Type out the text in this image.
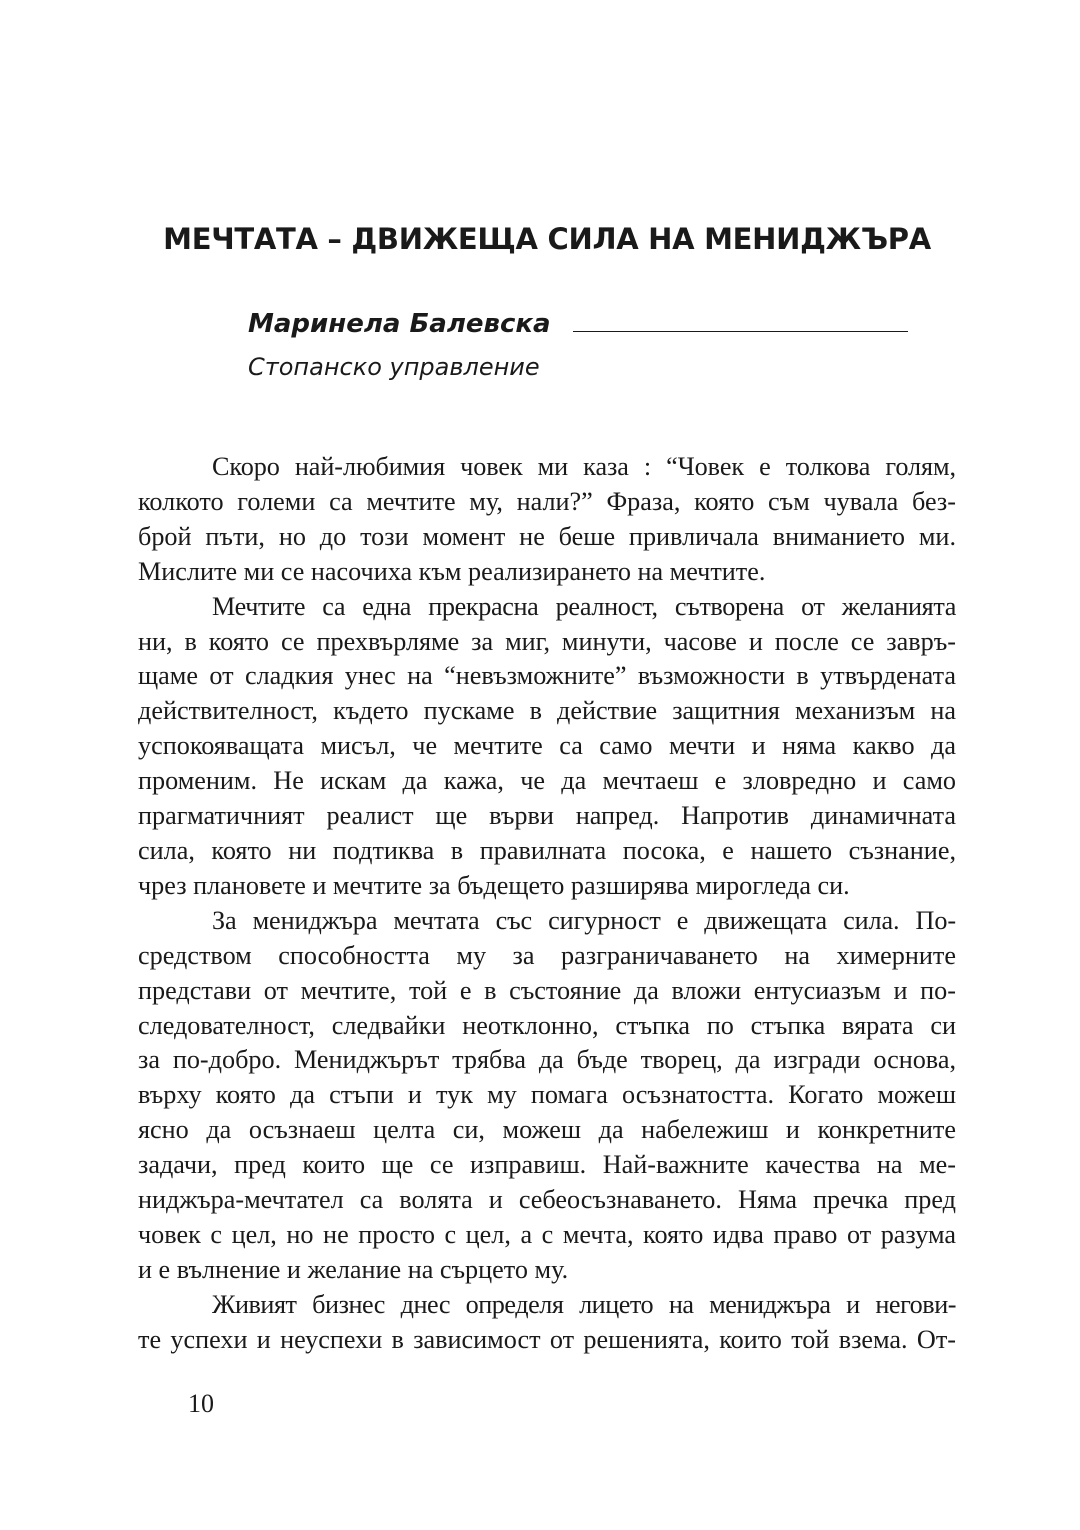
МЕЧТАТА – ДВИЖЕЩА СИЛА НА МЕНИДЖЪРА
Маринела Балевска
Стопанско управление

Скоро най-любимия човек ми каза : “Човек е толкова голям,
колкото големи са мечтите му, нали?” Фраза, която съм чувала без-
брой пъти, но до този момент не беше привличала вниманието ми.
Мислите ми се насочиха към реализирането на мечтите.

Мечтите са една прекрасна реалност, сътворена от желанията
ни, в която се прехвърляме за миг, минути, часове и после се завръ-
щаме от сладкия унес на “невъзможните” възможности в утвърдената
действителност, където пускаме в действие защитния механизъм на
успокояващата мисъл, че мечтите са само мечти и няма какво да
променим. Не искам да кажа, че да мечтаеш е зловредно и само
прагматичният реалист ще върви напред. Напротив динамичната
сила, която ни подтиква в правилната посока, е нашето съзнание,
чрез плановете и мечтите за бъдещето разширява мирогледа си.

За мениджъра мечтата със сигурност е движещата сила. По-
средством способността му за разграничаването на химерните
представи от мечтите, той е в състояние да вложи ентусиазъм и по-
следователност, следвайки неотклонно, стъпка по стъпка вярата си
за по-добро. Мениджърът трябва да бъде творец, да изгради основа,
върху която да стъпи и тук му помага осъзнатостта. Когато можеш
ясно да осъзнаеш целта си, можеш да набележиш и конкретните
задачи, пред които ще се изправиш. Най-важните качества на ме-
ниджъра-мечтател са волята и себеосъзнаването. Няма пречка пред
човек с цел, но не просто с цел, а с мечта, която идва право от разума
и е вълнение и желание на сърцето му.

Живият бизнес днес определя лицето на мениджъра и негови-
те успехи и неуспехи в зависимост от решенията, които той взема. От-

10
